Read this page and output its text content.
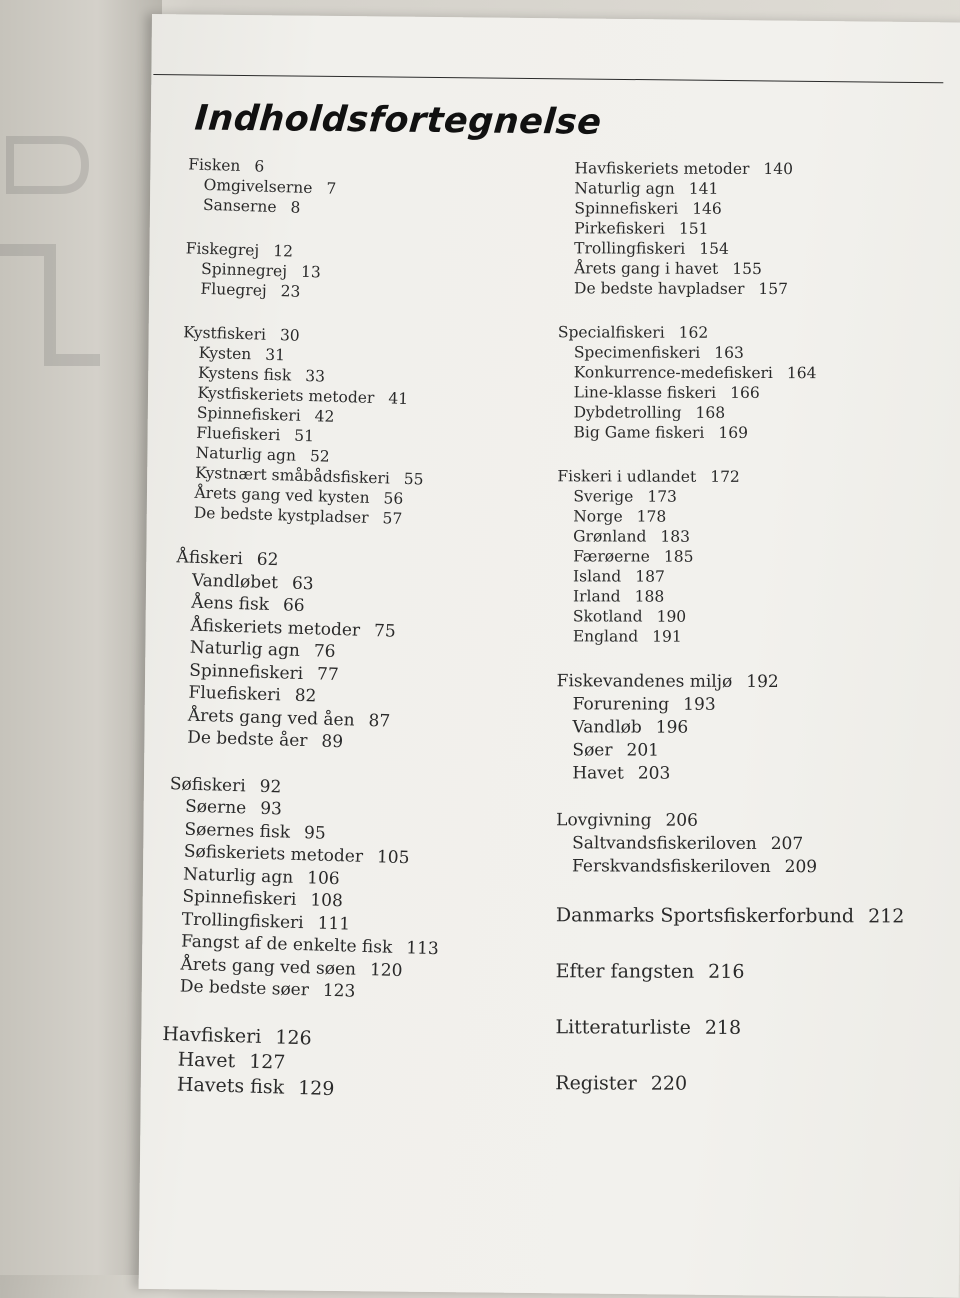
Indholdsfortegnelse
Fisken 6
Omgivelserne 7
Sanserne 8
Fiskegrej 12
Spinnegrej 13
Fluegrej 23
Kystfiskeri 30
Kysten 31
Kystens fisk 33
Kystfiskeriets metoder 41
Spinnefiskeri 42
Fluefiskeri 51
Naturlig agn 52
Kystnært småbådsfiskeri 55
Årets gang ved kysten 56
De bedste kystpladser 57
Åfiskeri 62
Vandløbet 63
Åens fisk 66
Åfiskeriets metoder 75
Naturlig agn 76
Spinnefiskeri 77
Fluefiskeri 82
Årets gang ved åen 87
De bedste åer 89
Søfiskeri 92
Søerne 93
Søernes fisk 95
Søfiskeriets metoder 105
Naturlig agn 106
Spinnefiskeri 108
Trollingfiskeri 111
Fangst af de enkelte fisk 113
Årets gang ved søen 120
De bedste søer 123
Havfiskeri 126
Havet 127
Havets fisk 129
Havfiskeriets metoder 140
Naturlig agn 141
Spinnefiskeri 146
Pirkefiskeri 151
Trollingfiskeri 154
Årets gang i havet 155
De bedste havpladser 157
Specialfiskeri 162
Specimenfiskeri 163
Konkurrence-medefiskeri 164
Line-klasse fiskeri 166
Dybdetrolling 168
Big Game fiskeri 169
Fiskeri i udlandet 172
Sverige 173
Norge 178
Grønland 183
Færøerne 185
Island 187
Irland 188
Skotland 190
England 191
Fiskevandenes miljø 192
Forurening 193
Vandløb 196
Søer 201
Havet 203
Lovgivning 206
Saltvandsfiskeriloven 207
Ferskvandsfiskeriloven 209
Danmarks Sportsfiskerforbund 212
Efter fangsten 216
Litteraturliste 218
Register 220
